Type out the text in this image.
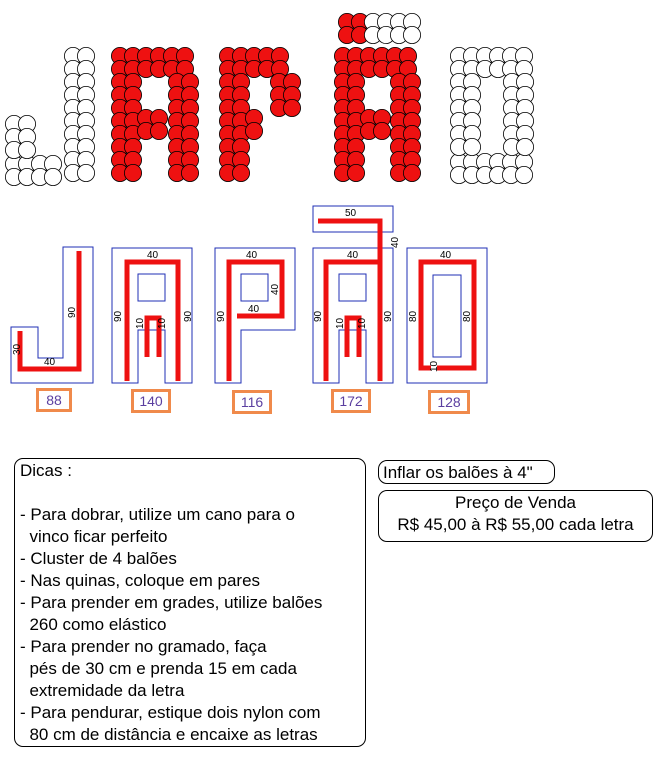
30
40
90
40
90
10 10
90
40
40
40
90
50
40
40
90
10 10
90
40
80	80
10
88	140	116	172	128
Dicas :

- Para dobrar, utilize um cano para o
vinco ficar perfeito
- Cluster de 4 balões
- Nas quinas, coloque em pares
- Para prender em grades, utilize balões
260 como elástico
- Para prender no gramado, faça
pés de 30 cm e prenda 15 em cada
extremidade da letra
- Para pendurar, estique dois nylon com
80 cm de distância e encaixe as letras
Inflar os balões à 4"
Preço de Venda
R$ 45,00 à R$ 55,00 cada letra
